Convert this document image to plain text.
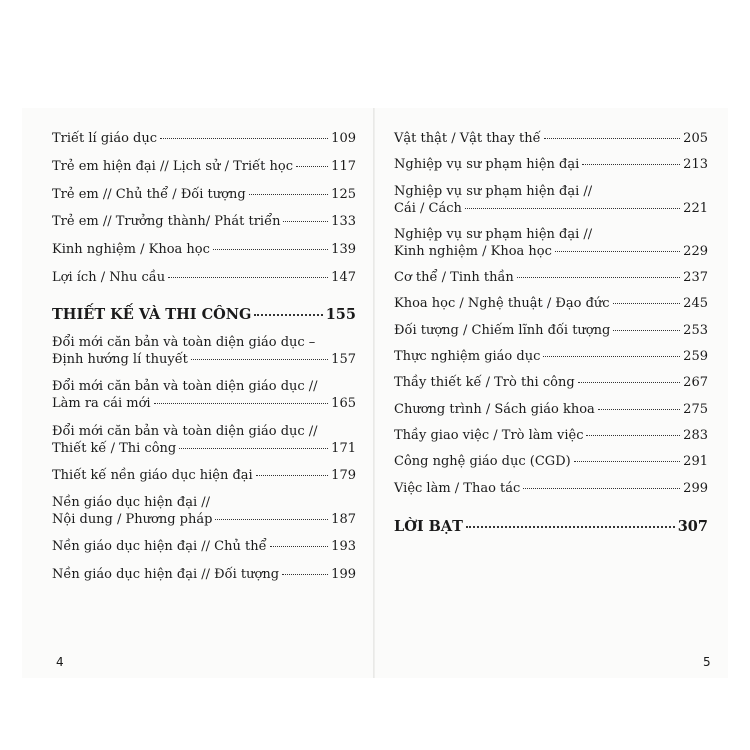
Triết lí giáo dục	109
Trẻ em hiện đại // Lịch sử / Triết học	117
Trẻ em // Chủ thể / Đối tượng	125
Trẻ em // Trưởng thành/ Phát triển	133
Kinh nghiệm / Khoa học	139
Lợi ích / Nhu cầu	147
THIẾT KẾ VÀ THI CÔNG	155
Đổi mới căn bản và toàn diện giáo dục –
Định hướng lí thuyết	157
Đổi mới căn bản và toàn diện giáo dục //
Làm ra cái mới	165
Đổi mới căn bản và toàn diện giáo dục //
Thiết kế / Thi công	171
Thiết kế nền giáo dục hiện đại	179
Nền giáo dục hiện đại //
Nội dung / Phương pháp	187
Nền giáo dục hiện đại // Chủ thể	193
Nền giáo dục hiện đại // Đối tượng	199
Vật thật / Vật thay thế	205
Nghiệp vụ sư phạm hiện đại	213
Nghiệp vụ sư phạm hiện đại //
Cái / Cách	221
Nghiệp vụ sư phạm hiện đại //
Kinh nghiệm / Khoa học	229
Cơ thể / Tinh thần	237
Khoa học / Nghệ thuật / Đạo đức	245
Đối tượng / Chiếm lĩnh đối tượng	253
Thực nghiệm giáo dục	259
Thầy thiết kế / Trò thi công	267
Chương trình / Sách giáo khoa	275
Thầy giao việc / Trò làm việc	283
Công nghệ giáo dục (CGD)	291
Việc làm / Thao tác	299
LỜI BẠT	307
4	5
